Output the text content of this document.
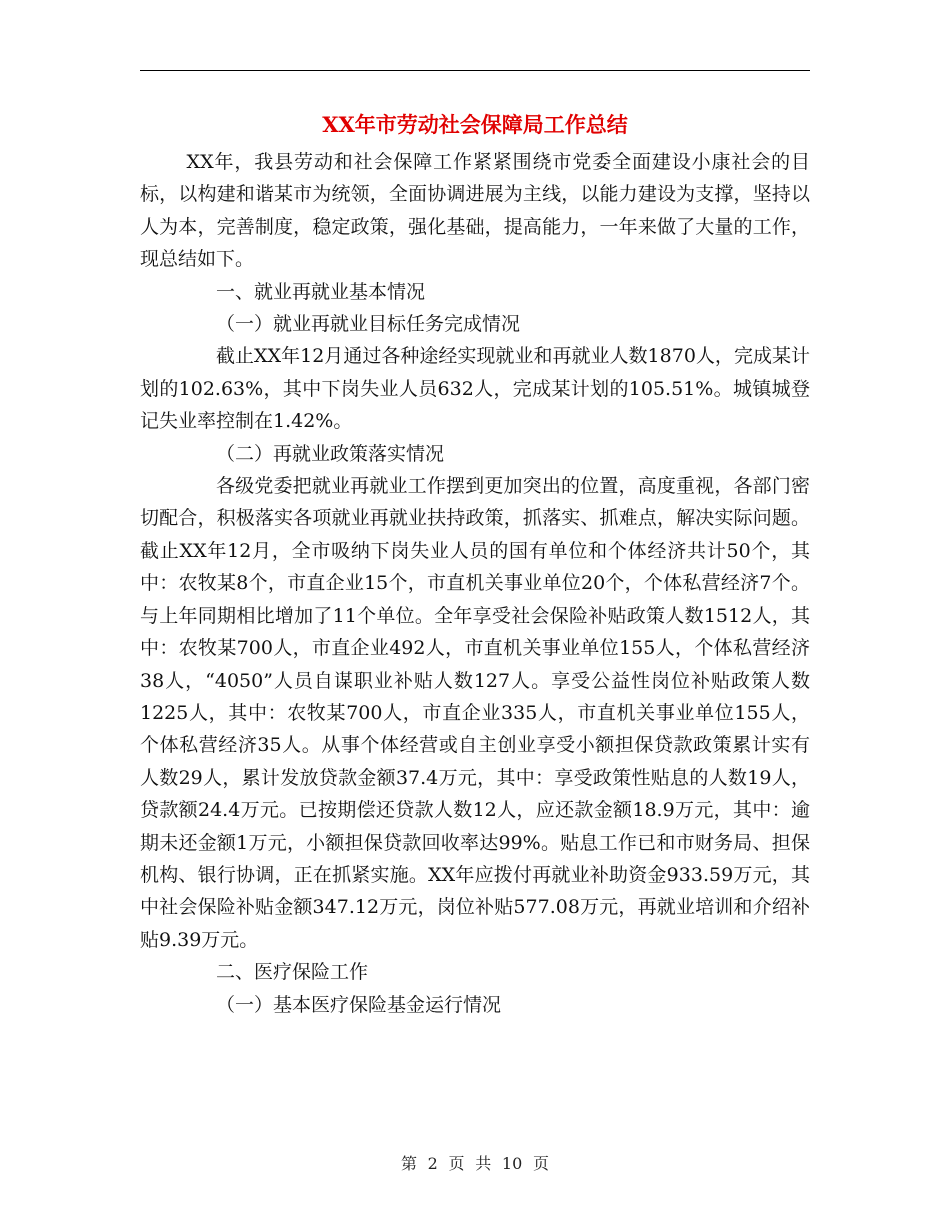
XX年市劳动社会保障局工作总结

XX年，我县劳动和社会保障工作紧紧围绕市党委全面建设小康社会的目标，以构建和谐某市为统领，全面协调进展为主线，以能力建设为支撑，坚持以人为本，完善制度，稳定政策，强化基础，提高能力，一年来做了大量的工作，现总结如下。

一、就业再就业基本情况

（一）就业再就业目标任务完成情况

截止XX年12月通过各种途经实现就业和再就业人数1870人，完成某计划的102.63%，其中下岗失业人员632人，完成某计划的105.51%。城镇城登记失业率控制在1.42%。

（二）再就业政策落实情况

各级党委把就业再就业工作摆到更加突出的位置，高度重视，各部门密切配合，积极落实各项就业再就业扶持政策，抓落实、抓难点，解决实际问题。截止XX年12月，全市吸纳下岗失业人员的国有单位和个体经济共计50个，其中：农牧某8个，市直企业15个，市直机关事业单位20个，个体私营经济7个。与上年同期相比增加了11个单位。全年享受社会保险补贴政策人数1512人，其中：农牧某700人，市直企业492人，市直机关事业单位155人，个体私营经济38人，“4050”人员自谋职业补贴人数127人。享受公益性岗位补贴政策人数1225人，其中：农牧某700人，市直企业335人，市直机关事业单位155人，个体私营经济35人。从事个体经营或自主创业享受小额担保贷款政策累计实有人数29人，累计发放贷款金额37.4万元，其中：享受政策性贴息的人数19人，贷款额24.4万元。已按期偿还贷款人数12人，应还款金额18.9万元，其中：逾期未还金额1万元，小额担保贷款回收率达99%。贴息工作已和市财务局、担保机构、银行协调，正在抓紧实施。XX年应拨付再就业补助资金933.59万元，其中社会保险补贴金额347.12万元，岗位补贴577.08万元，再就业培训和介绍补贴9.39万元。

二、医疗保险工作

（一）基本医疗保险基金运行情况

第 2 页 共 10 页
